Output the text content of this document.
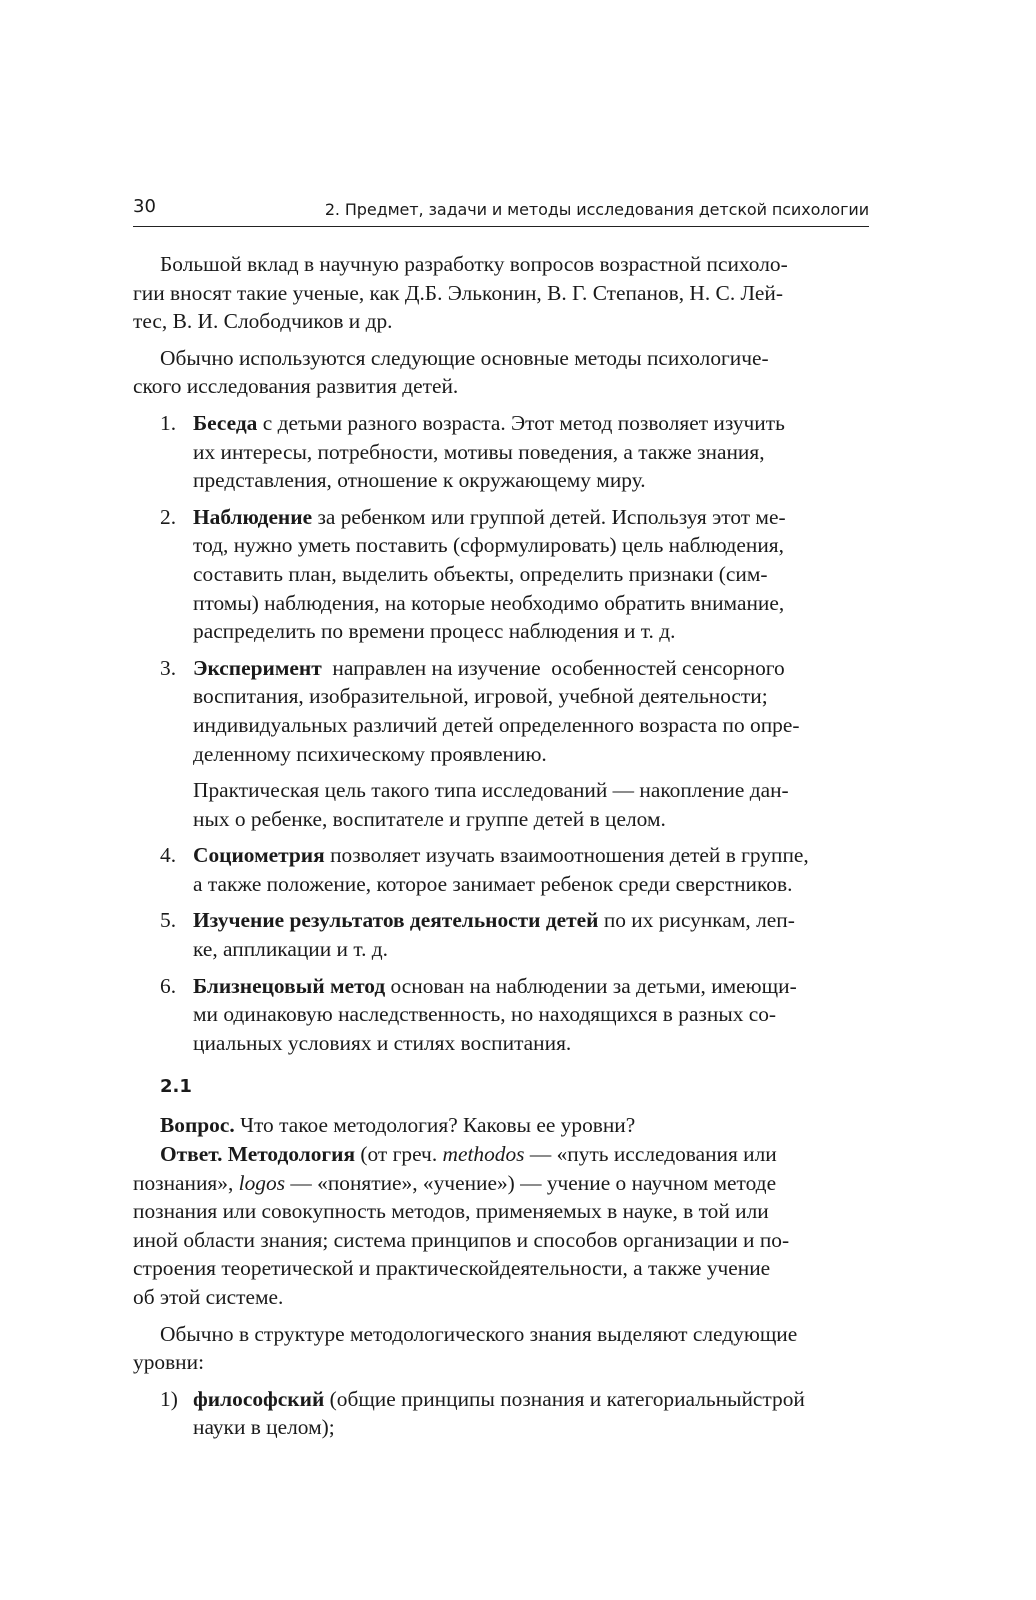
30	2. Предмет, задачи и методы исследования детской психологии

Большой вклад в научную разработку вопросов возрастной психоло-
гии вносят такие ученые, как Д.Б. Эльконин, В. Г. Степанов, Н. С. Лей-
тес, В. И. Слободчиков и др.

Обычно используются следующие основные методы психологиче-
ского исследования развития детей.

1. Беседа с детьми разного возраста. Этот метод позволяет изучить
их интересы, потребности, мотивы поведения, а также знания,
представления, отношение к окружающему миру.
2. Наблюдение за ребенком или группой детей. Используя этот ме-
тод, нужно уметь поставить (сформулировать) цель наблюдения,
составить план, выделить объекты, определить признаки (сим-
птомы) наблюдения, на которые необходимо обратить внимание,
распределить по времени процесс наблюдения и т. д.
3. Эксперимент  направлен на изучение  особенностей сенсорного
воспитания, изобразительной, игровой, учебной деятельности;
индивидуальных различий детей определенного возраста по опре-
деленному психическому проявлению.
Практическая цель такого типа исследований — накопление дан-
ных о ребенке, воспитателе и группе детей в целом.
4. Социометрия позволяет изучать взаимоотношения детей в группе,
а также положение, которое занимает ребенок среди сверстников.
5. Изучение результатов деятельности детей по их рисункам, леп-
ке, аппликации и т. д.
6. Близнецовый метод основан на наблюдении за детьми, имеющи-
ми одинаковую наследственность, но находящихся в разных со-
циальных условиях и стилях воспитания.
2.1

Вопрос. Что такое методология? Каковы ее уровни?

Ответ. Методология (от греч. methodos — «путь исследования или
познания», logos — «понятие», «учение») — учение о научном методе
познания или совокупность методов, применяемых в науке, в той или
иной области знания; система принципов и способов организации и по-
строения теоретической и практическойдеятельности, а также учение
об этой системе.

Обычно в структуре методологического знания выделяют следующие
уровни:

1) философский (общие принципы познания и категориальныйстрой
науки в целом);
